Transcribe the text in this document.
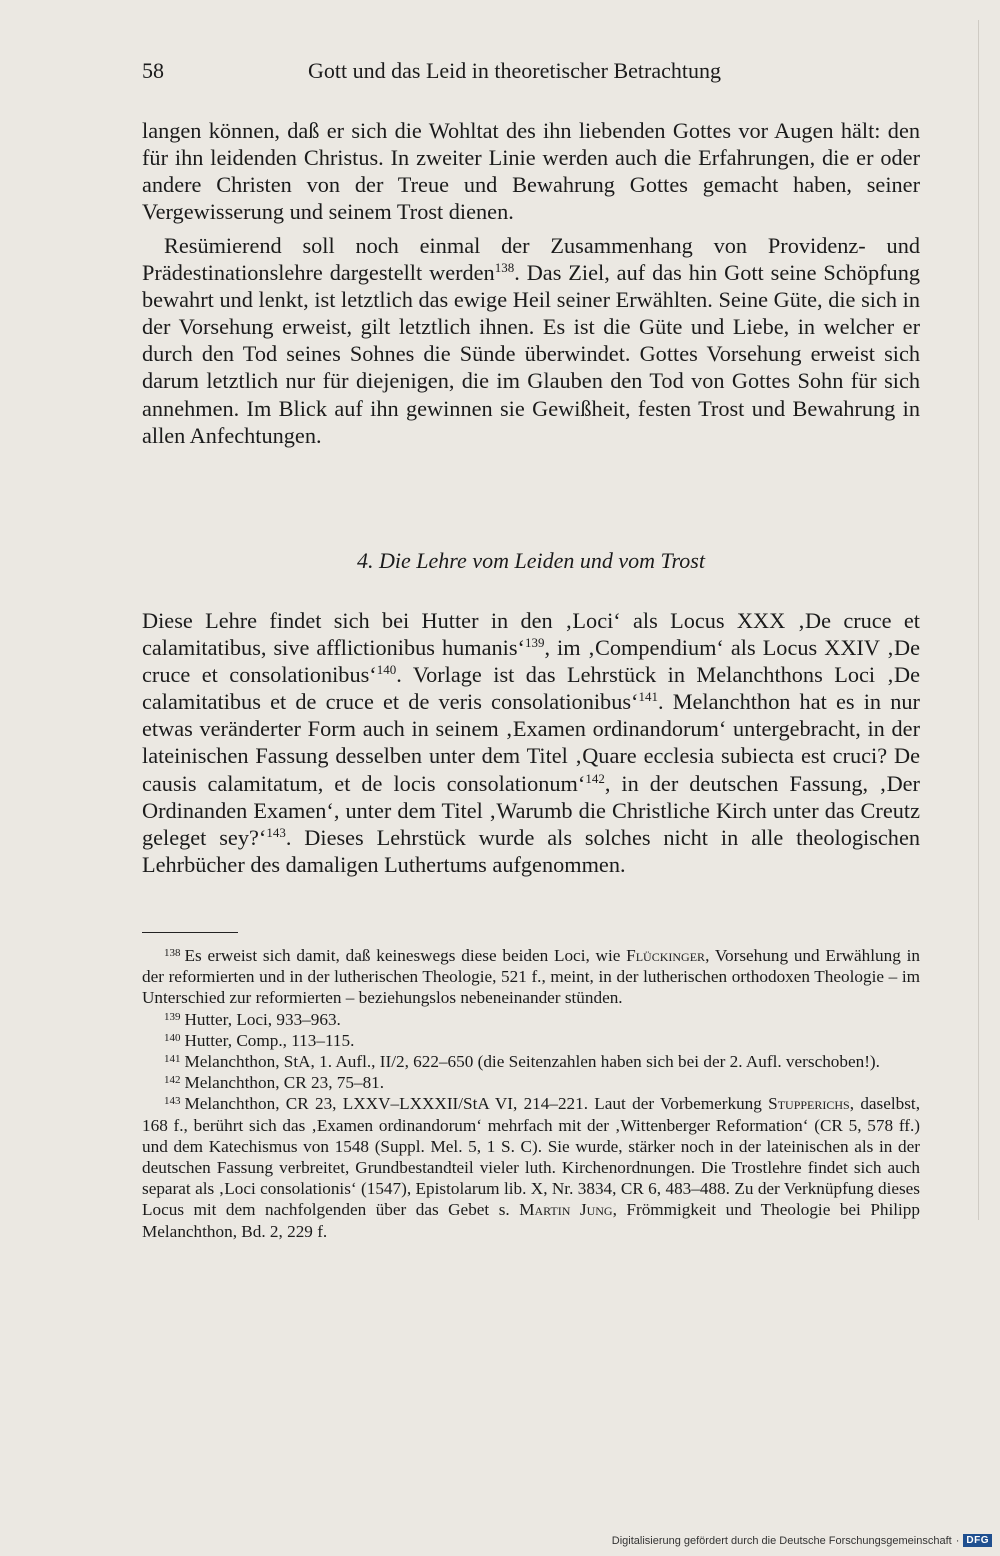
58	Gott und das Leid in theoretischer Betrachtung

langen können, daß er sich die Wohltat des ihn liebenden Gottes vor Augen hält: den für ihn leidenden Christus. In zweiter Linie werden auch die Erfahrungen, die er oder andere Christen von der Treue und Bewahrung Gottes gemacht haben, seiner Vergewisserung und seinem Trost dienen.

Resümierend soll noch einmal der Zusammenhang von Providenz- und Prädestinationslehre dargestellt werden$^{138}$. Das Ziel, auf das hin Gott seine Schöpfung bewahrt und lenkt, ist letztlich das ewige Heil seiner Erwählten. Seine Güte, die sich in der Vorsehung erweist, gilt letztlich ihnen. Es ist die Güte und Liebe, in welcher er durch den Tod seines Sohnes die Sünde überwindet. Gottes Vorsehung erweist sich darum letztlich nur für diejenigen, die im Glauben den Tod von Gottes Sohn für sich annehmen. Im Blick auf ihn gewinnen sie Gewißheit, festen Trost und Bewahrung in allen Anfechtungen.

4. Die Lehre vom Leiden und vom Trost

Diese Lehre findet sich bei Hutter in den ‚Loci‘ als Locus XXX ‚De cruce et calamitatibus, sive afflictionibus humanis‘$^{139}$, im ‚Compendium‘ als Locus XXIV ‚De cruce et consolationibus‘$^{140}$. Vorlage ist das Lehrstück in Melanchthons Loci ‚De calamitatibus et de cruce et de veris consolationibus‘$^{141}$. Melanchthon hat es in nur etwas veränderter Form auch in seinem ‚Examen ordinandorum‘ untergebracht, in der lateinischen Fassung desselben unter dem Titel ‚Quare ecclesia subiecta est cruci? De causis calamitatum, et de locis consolationum‘$^{142}$, in der deutschen Fassung, ‚Der Ordinanden Examen‘, unter dem Titel ‚Warumb die Christliche Kirch unter das Creutz geleget sey?‘$^{143}$. Dieses Lehrstück wurde als solches nicht in alle theologischen Lehrbücher des damaligen Luthertums aufgenommen.

$^{138}$ Es erweist sich damit, daß keineswegs diese beiden Loci, wie Flückinger, Vorsehung und Erwählung in der reformierten und in der lutherischen Theologie, 521 f., meint, in der lutherischen orthodoxen Theologie – im Unterschied zur reformierten – beziehungslos nebeneinander stünden.

$^{139}$ Hutter, Loci, 933–963.

$^{140}$ Hutter, Comp., 113–115.

$^{141}$ Melanchthon, StA, 1. Aufl., II/2, 622–650 (die Seitenzahlen haben sich bei der 2. Aufl. verschoben!).

$^{142}$ Melanchthon, CR 23, 75–81.

$^{143}$ Melanchthon, CR 23, LXXV–LXXXII/StA VI, 214–221. Laut der Vorbemerkung Stupperichs, daselbst, 168 f., berührt sich das ‚Examen ordinandorum‘ mehrfach mit der ‚Wittenberger Reformation‘ (CR 5, 578 ff.) und dem Katechismus von 1548 (Suppl. Mel. 5, 1 S. C). Sie wurde, stärker noch in der lateinischen als in der deutschen Fassung verbreitet, Grundbestandteil vieler luth. Kirchenordnungen. Die Trostlehre findet sich auch separat als ‚Loci consolationis‘ (1547), Epistolarum lib. X, Nr. 3834, CR 6, 483–488. Zu der Verknüpfung dieses Locus mit dem nachfolgenden über das Gebet s. Martin Jung, Frömmigkeit und Theologie bei Philipp Melanchthon, Bd. 2, 229 f.

Digitalisierung gefördert durch die Deutsche Forschungsgemeinschaft · DFG
